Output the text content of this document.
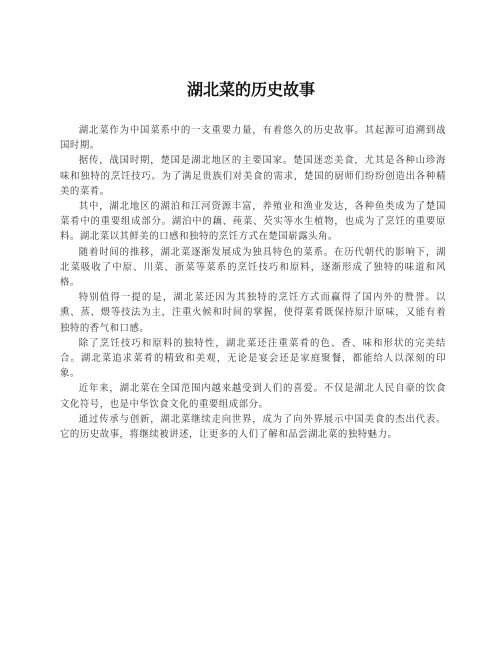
湖北菜的历史故事

湖北菜作为中国菜系中的一支重要力量，有着悠久的历史故事。其起源可追溯到战国时期。

据传，战国时期，楚国是湖北地区的主要国家。楚国迷恋美食，尤其是各种山珍海味和独特的烹饪技巧。为了满足贵族们对美食的需求，楚国的厨师们纷纷创造出各种精美的菜肴。

其中，湖北地区的湖泊和江河资源丰富，养殖业和渔业发达，各种鱼类成为了楚国菜肴中的重要组成部分。湖泊中的藕、莼菜、芡实等水生植物，也成为了烹饪的重要原料。湖北菜以其鲜美的口感和独特的烹饪方式在楚国崭露头角。

随着时间的推移，湖北菜逐渐发展成为独具特色的菜系。在历代朝代的影响下，湖北菜吸收了中原、川菜、浙菜等菜系的烹饪技巧和原料，逐渐形成了独特的味道和风格。

特别值得一提的是，湖北菜还因为其独特的烹饪方式而赢得了国内外的赞誉。以熏、蒸、煨等技法为主，注重火候和时间的掌握，使得菜肴既保持原汁原味，又能有着独特的香气和口感。

除了烹饪技巧和原料的独特性，湖北菜还注重菜肴的色、香、味和形状的完美结合。湖北菜追求菜肴的精致和美观，无论是宴会还是家庭聚餐，都能给人以深刻的印象。

近年来，湖北菜在全国范围内越来越受到人们的喜爱。不仅是湖北人民自豪的饮食文化符号，也是中华饮食文化的重要组成部分。

通过传承与创新，湖北菜继续走向世界，成为了向外界展示中国美食的杰出代表。它的历史故事，将继续被讲述，让更多的人们了解和品尝湖北菜的独特魅力。
